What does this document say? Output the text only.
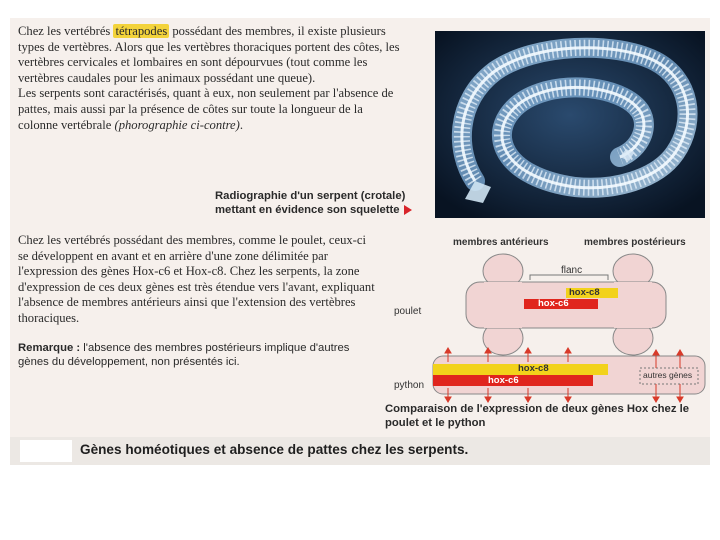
Chez les vertébrés tétrapodes possédant des membres, il existe plusieurs types de vertèbres. Alors que les vertèbres thoraciques portent des côtes, les vertèbres cervicales et lombaires en sont dépourvues (tout comme les vertèbres caudales pour les animaux possédant une queue).

Les serpents sont caractérisés, quant à eux, non seulement par l'absence de pattes, mais aussi par la présence de côtes sur toute la longueur de la colonne vertébrale (phorographie ci-contre).

Radiographie d'un serpent (crotale) mettant en évidence son squelette

Chez les vertébrés possédant des membres, comme le poulet, ceux-ci se développent en avant et en arrière d'une zone délimitée par l'expression des gènes Hox-c6 et Hox-c8. Chez les serpents, la zone d'expression de ces deux gènes est très étendue vers l'avant, expliquant l'absence de membres antérieurs ainsi que l'extension des vertèbres thoraciques.

Remarque : l'absence des membres postérieurs implique d'autres gènes du développement, non présentés ici.
membres antérieurs	membres postérieurs
flanc
poulet
python
hox-c8
hox-c6
hox-c8
hox-c6	autres gènes
Comparaison de l'expression de deux gènes Hox chez le poulet et le python
Gènes homéotiques et absence de pattes chez les serpents.
